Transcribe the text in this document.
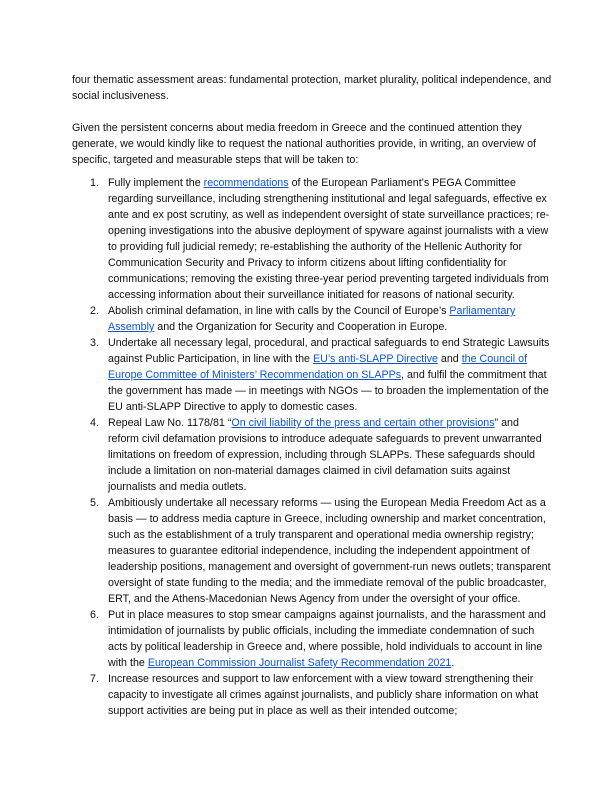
four thematic assessment areas: fundamental protection, market plurality, political independence, and social inclusiveness.

Given the persistent concerns about media freedom in Greece and the continued attention they generate, we would kindly like to request the national authorities provide, in writing, an overview of specific, targeted and measurable steps that will be taken to:

1. Fully implement the recommendations of the European Parliament’s PEGA Committee regarding surveillance, including strengthening institutional and legal safeguards, effective ex ante and ex post scrutiny, as well as independent oversight of state surveillance practices; re-opening investigations into the abusive deployment of spyware against journalists with a view to providing full judicial remedy; re-establishing the authority of the Hellenic Authority for Communication Security and Privacy to inform citizens about lifting confidentiality for communications; removing the existing three-year period preventing targeted individuals from accessing information about their surveillance initiated for reasons of national security.
2. Abolish criminal defamation, in line with calls by the Council of Europe’s Parliamentary Assembly and the Organization for Security and Cooperation in Europe.
3. Undertake all necessary legal, procedural, and practical safeguards to end Strategic Lawsuits against Public Participation, in line with the EU’s anti-SLAPP Directive and the Council of Europe Committee of Ministers’ Recommendation on SLAPPs, and fulfil the commitment that the government has made — in meetings with NGOs — to broaden the implementation of the EU anti-SLAPP Directive to apply to domestic cases.
4. Repeal Law No. 1178/81 “On civil liability of the press and certain other provisions” and reform civil defamation provisions to introduce adequate safeguards to prevent unwarranted limitations on freedom of expression, including through SLAPPs. These safeguards should include a limitation on non-material damages claimed in civil defamation suits against journalists and media outlets.
5. Ambitiously undertake all necessary reforms — using the European Media Freedom Act as a basis — to address media capture in Greece, including ownership and market concentration, such as the establishment of a truly transparent and operational media ownership registry; measures to guarantee editorial independence, including the independent appointment of leadership positions, management and oversight of government-run news outlets; transparent oversight of state funding to the media; and the immediate removal of the public broadcaster, ERT, and the Athens-Macedonian News Agency from under the oversight of your office.
6. Put in place measures to stop smear campaigns against journalists, and the harassment and intimidation of journalists by public officials, including the immediate condemnation of such acts by political leadership in Greece and, where possible, hold individuals to account in line with the European Commission Journalist Safety Recommendation 2021.
7. Increase resources and support to law enforcement with a view toward strengthening their capacity to investigate all crimes against journalists, and publicly share information on what support activities are being put in place as well as their intended outcome;
